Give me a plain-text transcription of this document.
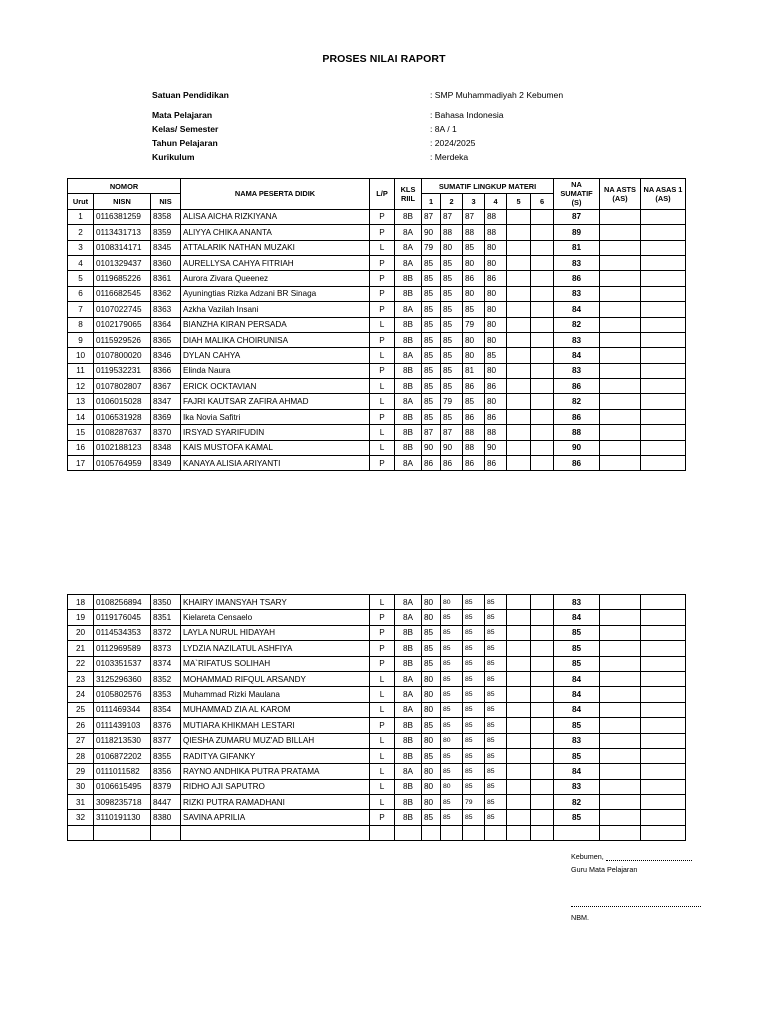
PROSES NILAI RAPORT
Satuan Pendidikan	: SMP Muhammadiyah 2 Kebumen
Mata Pelajaran	: Bahasa Indonesia
Kelas/ Semester	: 8A / 1
Tahun Pelajaran	: 2024/2025
Kurikulum	: Merdeka
NOMOR			NAMA PESERTA DIDIK	L/P	KLS RIIL	SUMATIF LINGKUP MATERI						NA SUMATIF (S)	NA ASTS (AS)	NA ASAS 1 (AS)
Urut	NISN	NIS				1	2	3	4	5	6			
1	0116381259	8358	ALISA AICHA RIZKIYANA	P	8B	87	87	87	88			87		
2	0113431713	8359	ALIYYA CHIKA ANANTA	P	8A	90	88	88	88			89		
3	0108314171	8345	ATTALARIK NATHAN MUZAKI	L	8A	79	80	85	80			81		
4	0101329437	8360	AURELLYSA CAHYA FITRIAH	P	8A	85	85	80	80			83		
5	0119685226	8361	Aurora Zivara Queenez	P	8B	85	85	86	86			86		
6	0116682545	8362	Ayuningtias Rizka Adzani BR Sinaga	P	8B	85	85	80	80			83		
7	0107022745	8363	Azkha Vazilah Insani	P	8A	85	85	85	80			84		
8	0102179065	8364	BIANZHA KIRAN PERSADA	L	8B	85	85	79	80			82		
9	0115929526	8365	DIAH MALIKA CHOIRUNISA	P	8B	85	85	80	80			83		
10	0107800020	8346	DYLAN CAHYA	L	8A	85	85	80	85			84		
11	0119532231	8366	Elinda Naura	P	8B	85	85	81	80			83		
12	0107802807	8367	ERICK OCKTAVIAN	L	8B	85	85	86	86			86		
13	0106015028	8347	FAJRI KAUTSAR ZAFIRA AHMAD	L	8A	85	79	85	80			82		
14	0106531928	8369	Ika Novia Safitri	P	8B	85	85	86	86			86		
15	0108287637	8370	IRSYAD SYARIFUDIN	L	8B	87	87	88	88			88		
16	0102188123	8348	KAIS MUSTOFA KAMAL	L	8B	90	90	88	90			90		
17	0105764959	8349	KANAYA ALISIA ARIYANTI	P	8A	86	86	86	86			86		
18	0108256894	8350	KHAIRY IMANSYAH TSARY	L	8A	80	80	85	85			83		
19	0119176045	8351	Kielareta Censaelo	P	8A	80	85	85	85			84		
20	0114534353	8372	LAYLA NURUL HIDAYAH	P	8B	85	85	85	85			85		
21	0112969589	8373	LYDZIA NAZILATUL ASHFIYA	P	8B	85	85	85	85			85		
22	0103351537	8374	MA`RIFATUS SOLIHAH	P	8B	85	85	85	85			85		
23	3125296360	8352	MOHAMMAD RIFQUL ARSANDY	L	8A	80	85	85	85			84		
24	0105802576	8353	Muhammad Rizki Maulana	L	8A	80	85	85	85			84		
25	0111469344	8354	MUHAMMAD ZIA AL KAROM	L	8A	80	85	85	85			84		
26	0111439103	8376	MUTIARA KHIKMAH LESTARI	P	8B	85	85	85	85			85		
27	0118213530	8377	QIESHA ZUMARU MUZ'AD BILLAH	L	8B	80	80	85	85			83		
28	0106872202	8355	RADITYA GIFANKY	L	8B	85	85	85	85			85		
29	0111011582	8356	RAYNO ANDHIKA PUTRA PRATAMA	L	8A	80	85	85	85			84		
30	0106615495	8379	RIDHO AJI SAPUTRO	L	8B	80	80	85	85			83		
31	3098235718	8447	RIZKI PUTRA RAMADHANI	L	8B	80	85	79	85			82		
32	3110191130	8380	SAVINA APRILIA	P	8B	85	85	85	85			85		

Kebumen,
Guru Mata Pelajaran
NBM.
